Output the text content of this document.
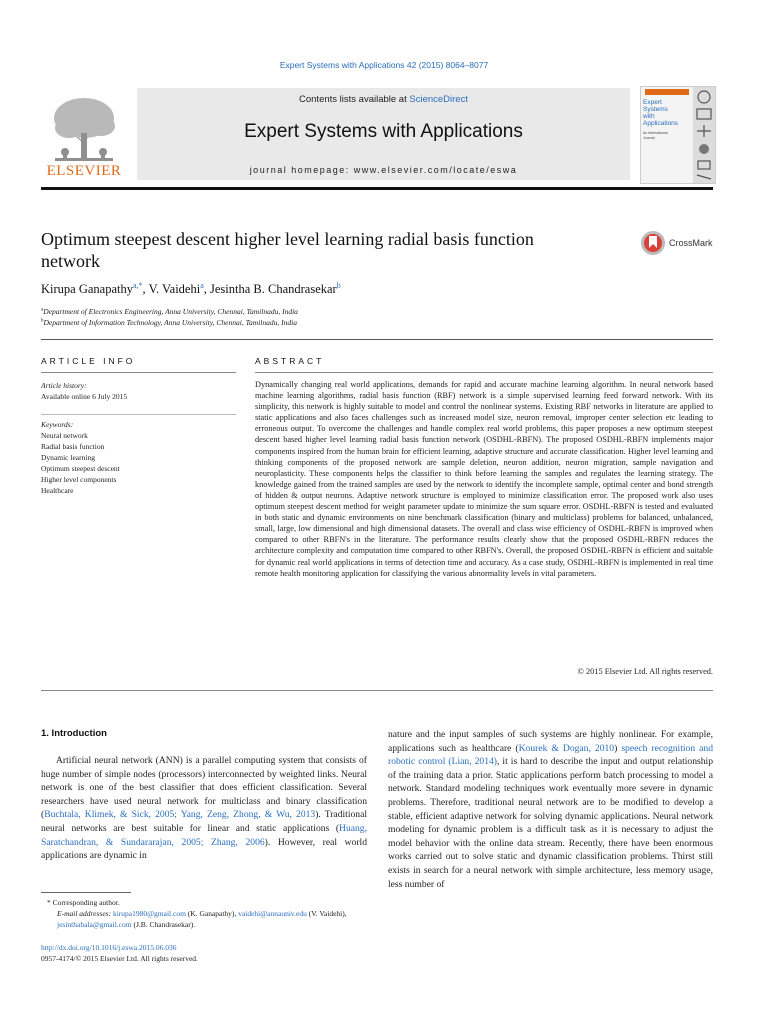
Expert Systems with Applications 42 (2015) 8064–8077
ELSEVIER
Contents lists available at ScienceDirect
Expert Systems with Applications
journal homepage: www.elsevier.com/locate/eswa
Expert
Systems
with
Applications
An International
Journal
Optimum steepest descent higher level learning radial basis function
network
CrossMark
Kirupa Ganapathy$^{a,*}$, V. Vaidehi$^a$, Jesintha B. Chandrasekar$^b$
$^a$Department of Electronics Engineering, Anna University, Chennai, Tamilnadu, India
$^b$Department of Information Technology, Anna University, Chennai, Tamilnadu, India
ARTICLE INFO
Article history:
Available online 6 July 2015
Keywords:
Neural network
Radial basis function
Dynamic learning
Optimum steepest descent
Higher level components
Healthcare
ABSTRACT
Dynamically changing real world applications, demands for rapid and accurate machine learning algorithm. In neural network based machine learning algorithms, radial basis function (RBF) network is a simple supervised learning feed forward network. With its simplicity, this network is highly suitable to model and control the nonlinear systems. Existing RBF networks in literature are applied to static applications and also faces challenges such as increased model size, neuron removal, improper center selection etc leading to erroneous output. To overcome the challenges and handle complex real world problems, this paper proposes a new optimum steepest descent based higher level learning radial basis function network (OSDHL-RBFN). The proposed OSDHL-RBFN implements major components inspired from the human brain for efficient learning, adaptive structure and accurate classification. Higher level learning and thinking components of the proposed network are sample deletion, neuron addition, neuron migration, sample navigation and neuroplasticity. These components helps the classifier to think before learning the samples and regulates the learning strategy. The knowledge gained from the trained samples are used by the network to identify the incomplete sample, optimal center and bond strength of hidden & output neurons. Adaptive network structure is employed to minimize classification error. The proposed work also uses optimum steepest descent method for weight parameter update to minimize the sum square error. OSDHL-RBFN is tested and evaluated in both static and dynamic environments on nine benchmark classification (binary and multiclass) problems for balanced, unbalanced, small, large, low dimensional and high dimensional datasets. The overall and class wise efficiency of OSDHL-RBFN is improved when compared to other RBFN's in the literature. The performance results clearly show that the proposed OSDHL-RBFN reduces the architecture complexity and computation time compared to other RBFN's. Overall, the proposed OSDHL-RBFN is efficient and suitable for dynamic real world applications in terms of detection time and accuracy. As a case study, OSDHL-RBFN is implemented in real time remote health monitoring application for classifying the various abnormality levels in vital parameters.
© 2015 Elsevier Ltd. All rights reserved.
1. Introduction

Artificial neural network (ANN) is a parallel computing system that consists of huge number of simple nodes (processors) interconnected by weighted links. Neural network is one of the best classifier that does efficient classification. Several researchers have used neural network for multiclass and binary classification (Buchtala, Klimek, & Sick, 2005; Yang, Zeng, Zhong, & Wu, 2013). Traditional neural networks are best suitable for linear and static applications (Huang, Saratchandran, & Sundararajan, 2005; Zhang, 2006). However, real world applications are dynamic in

nature and the input samples of such systems are highly nonlinear. For example, applications such as healthcare (Kourek & Dogan, 2010) speech recognition and robotic control (Lian, 2014), it is hard to describe the input and output relationship of the training data a prior. Static applications perform batch processing to model a network. Standard modeling techniques work eventually more severe in dynamic problems. Therefore, traditional neural network are to be modified to develop a stable, efficient adaptive network for solving dynamic applications. Neural network modeling for dynamic problem is a difficult task as it is necessary to adjust the model behavior with the online data stream. Recently, there have been enormous works carried out to solve static and dynamic classification problems. Thirst still exists in search for a neural network with simple architecture, less memory usage, less number of

* Corresponding author.
E-mail addresses: kirupa1980@gmail.com (K. Ganapathy), vaidehi@annauniv.edu (V. Vaidehi), jesinthabala@gmail.com (J.B. Chandrasekar).
http://dx.doi.org/10.1016/j.eswa.2015.06.036
0957-4174/© 2015 Elsevier Ltd. All rights reserved.
